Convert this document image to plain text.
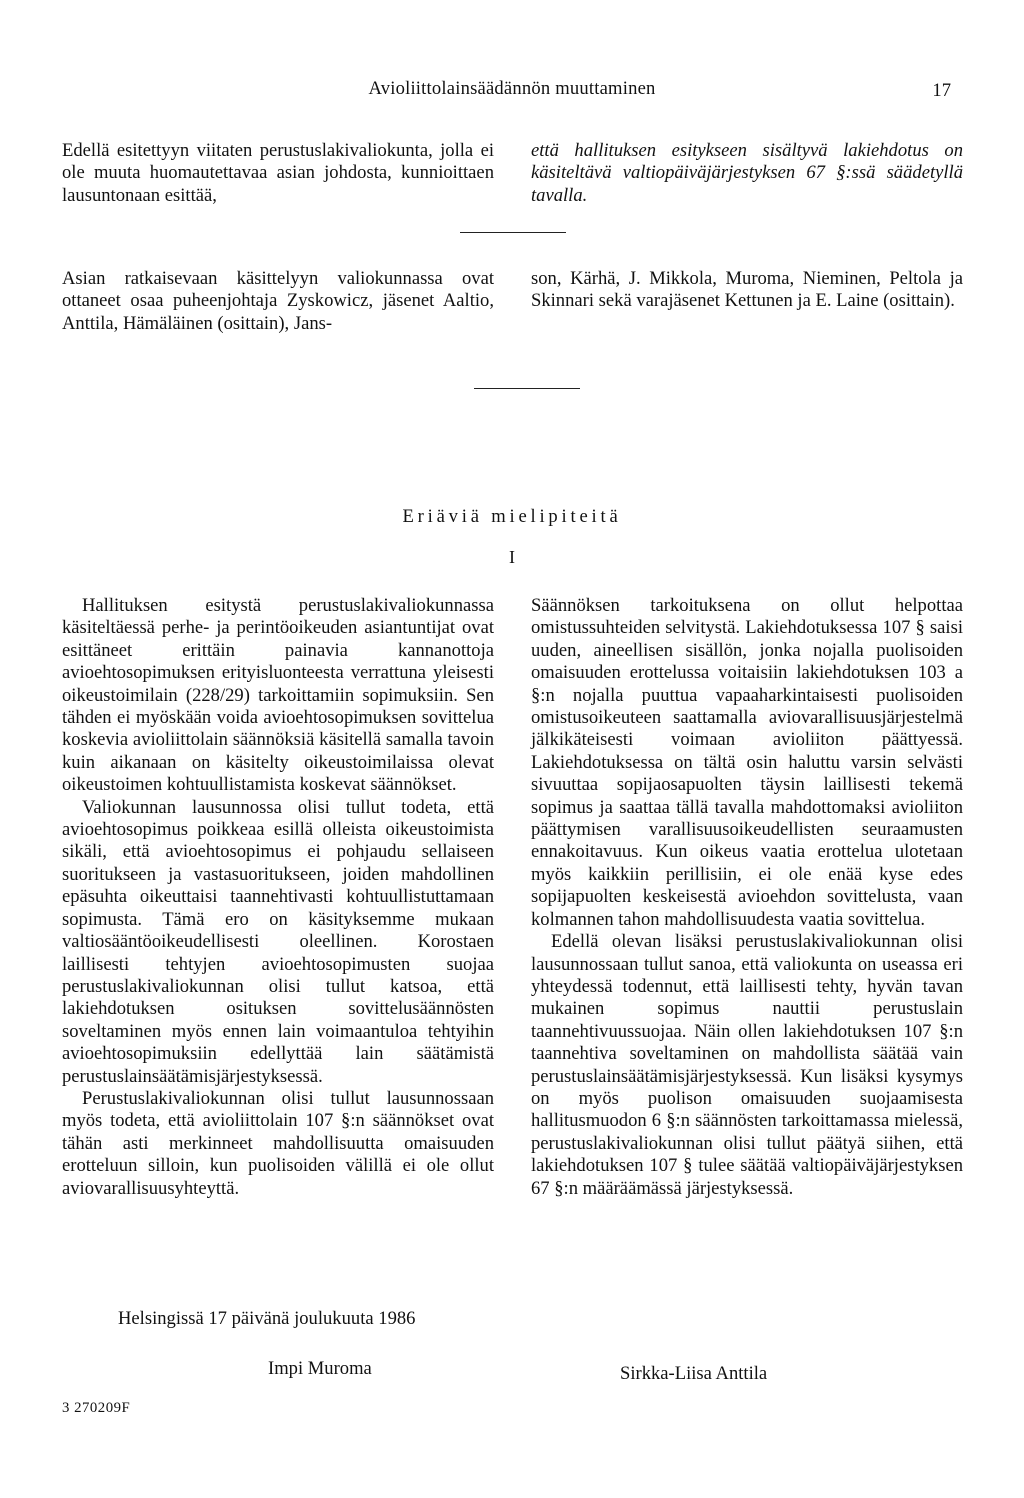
Avioliittolainsäädännön muuttaminen	17

Edellä esitettyyn viitaten perustuslakivaliokunta, jolla ei ole muuta huomautettavaa asian johdosta, kunnioittaen lausuntonaan esittää,

että hallituksen esitykseen sisältyvä lakiehdotus on käsiteltävä valtiopäiväjärjestyksen 67 §:ssä säädetyllä tavalla.

Asian ratkaisevaan käsittelyyn valiokunnassa ovat ottaneet osaa puheenjohtaja Zyskowicz, jäsenet Aaltio, Anttila, Hämäläinen (osittain), Jans-

son, Kärhä, J. Mikkola, Muroma, Nieminen, Peltola ja Skinnari sekä varajäsenet Kettunen ja E. Laine (osittain).

Eriäviä mielipiteitä
I

Hallituksen esitystä perustuslakivaliokunnassa käsiteltäessä perhe- ja perintöoikeuden asiantuntijat ovat esittäneet erittäin painavia kannanottoja avioehtosopimuksen erityisluonteesta verrattuna yleisesti oikeustoimilain (228/29) tarkoittamiin sopimuksiin. Sen tähden ei myöskään voida avioehtosopimuksen sovittelua koskevia avioliittolain säännöksiä käsitellä samalla tavoin kuin aikanaan on käsitelty oikeustoimilaissa olevat oikeustoimen kohtuullistamista koskevat säännökset.

Valiokunnan lausunnossa olisi tullut todeta, että avioehtosopimus poikkeaa esillä olleista oikeustoimista sikäli, että avioehtosopimus ei pohjaudu sellaiseen suoritukseen ja vastasuoritukseen, joiden mahdollinen epäsuhta oikeuttaisi taannehtivasti kohtuullistuttamaan sopimusta. Tämä ero on käsityksemme mukaan valtiosääntöoikeudellisesti oleellinen. Korostaen laillisesti tehtyjen avioehtosopimusten suojaa perustuslakivaliokunnan olisi tullut katsoa, että lakiehdotuksen osituksen sovittelusäännösten soveltaminen myös ennen lain voimaantuloa tehtyihin avioehtosopimuksiin edellyttää lain säätämistä perustuslainsäätämisjärjestyksessä.

Perustuslakivaliokunnan olisi tullut lausunnossaan myös todeta, että avioliittolain 107 §:n säännökset ovat tähän asti merkinneet mahdollisuutta omaisuuden erotteluun silloin, kun puolisoiden välillä ei ole ollut aviovarallisuusyhteyttä.

Säännöksen tarkoituksena on ollut helpottaa omistussuhteiden selvitystä. Lakiehdotuksessa 107 § saisi uuden, aineellisen sisällön, jonka nojalla puolisoiden omaisuuden erottelussa voitaisiin lakiehdotuksen 103 a §:n nojalla puuttua vapaaharkintaisesti puolisoiden omistusoikeuteen saattamalla aviovarallisuusjärjestelmä jälkikäteisesti voimaan avioliiton päättyessä. Lakiehdotuksessa on tältä osin haluttu varsin selvästi sivuuttaa sopijaosapuolten täysin laillisesti tekemä sopimus ja saattaa tällä tavalla mahdottomaksi avioliiton päättymisen varallisuusoikeudellisten seuraamusten ennakoitavuus. Kun oikeus vaatia erottelua ulotetaan myös kaikkiin perillisiin, ei ole enää kyse edes sopijapuolten keskeisestä avioehdon sovittelusta, vaan kolmannen tahon mahdollisuudesta vaatia sovittelua.

Edellä olevan lisäksi perustuslakivaliokunnan olisi lausunnossaan tullut sanoa, että valiokunta on useassa eri yhteydessä todennut, että laillisesti tehty, hyvän tavan mukainen sopimus nauttii perustuslain taannehtivuussuojaa. Näin ollen lakiehdotuksen 107 §:n taannehtiva soveltaminen on mahdollista säätää vain perustuslainsäätämisjärjestyksessä. Kun lisäksi kysymys on myös puolison omaisuuden suojaamisesta hallitusmuodon 6 §:n säännösten tarkoittamassa mielessä, perustuslakivaliokunnan olisi tullut päätyä siihen, että lakiehdotuksen 107 § tulee säätää valtiopäiväjärjestyksen 67 §:n määräämässä järjestyksessä.

Helsingissä 17 päivänä joulukuuta 1986
Impi Muroma	Sirkka-Liisa Anttila
3 270209F
